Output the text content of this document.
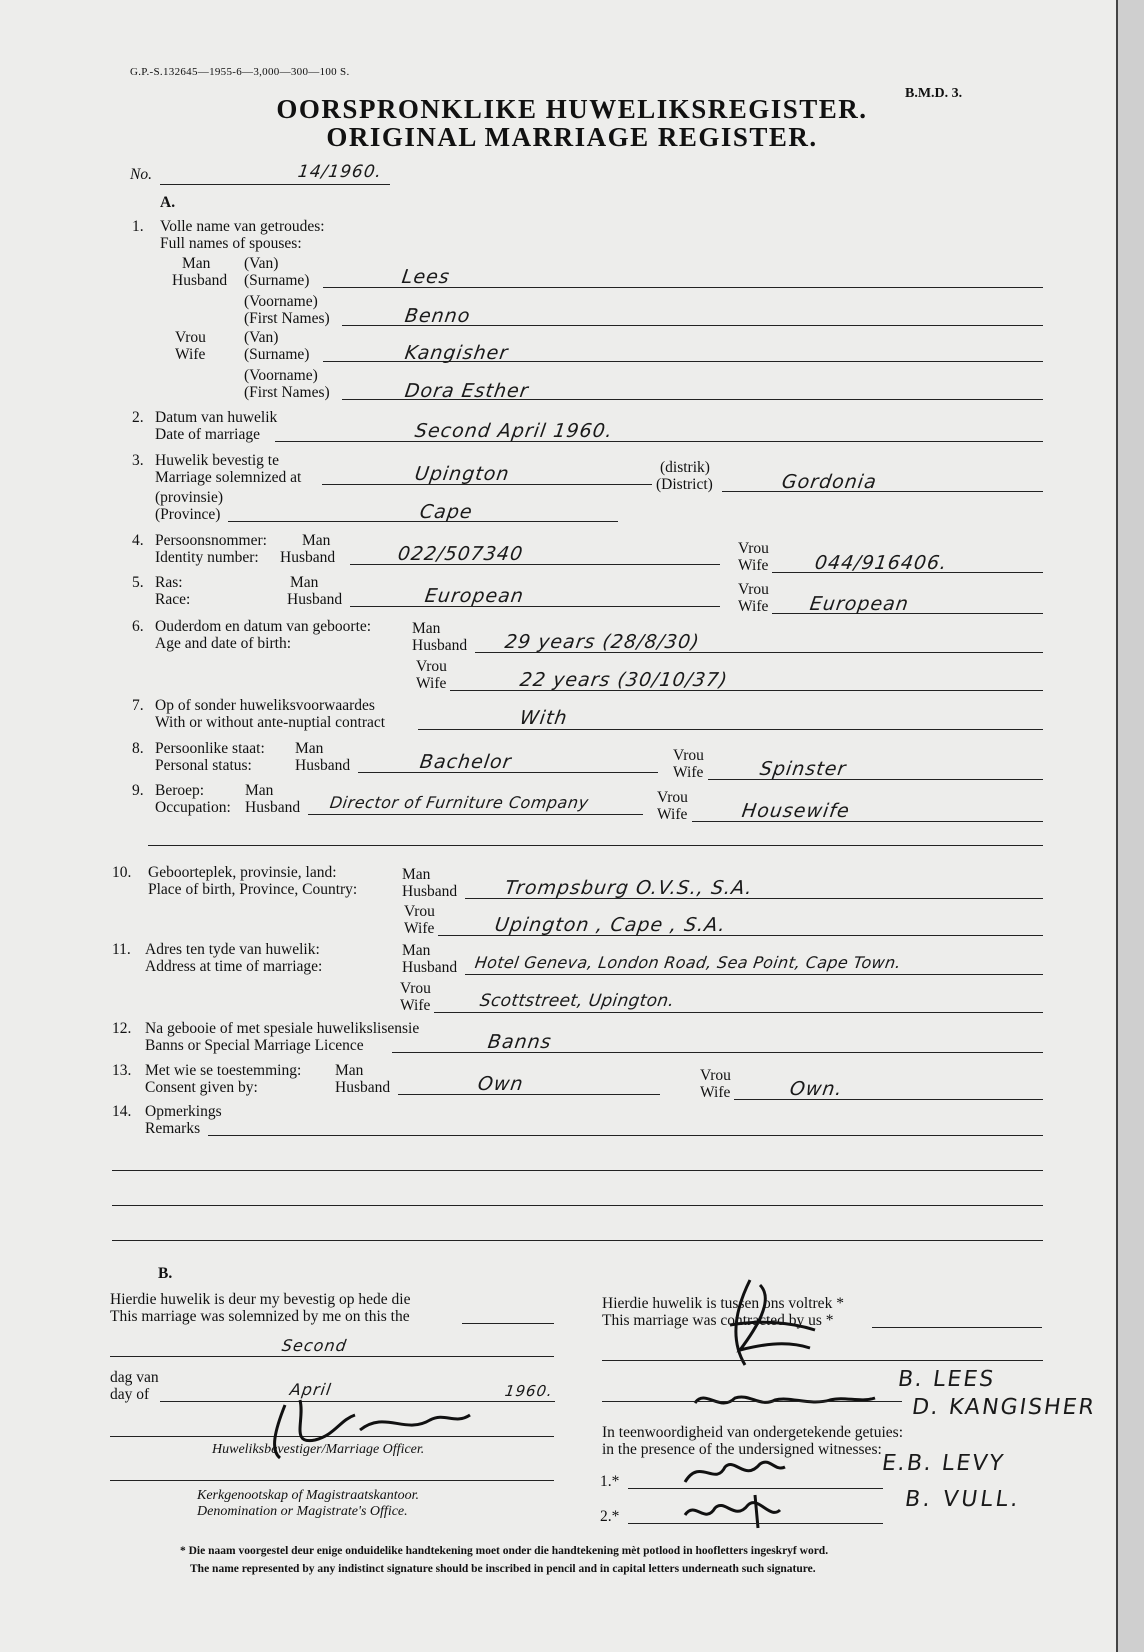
G.P.-S.132645—1955-6—3,000—300—100 S.
B.M.D. 3.
OORSPRONKLIKE HUWELIKSREGISTER.
ORIGINAL MARRIAGE REGISTER.
No.	14/1960.
A.
1. Volle name van getroudes:
Full names of spouses:
Man (Van)
Husband (Surname)	Lees
(Voorname)
(First Names)	Benno
Vrou (Van)
Wife (Surname)	Kangisher
(Voorname)
(First Names)	Dora Esther
2. Datum van huwelik
Date of marriage	Second April 1960.
3. Huwelik bevestig te
Marriage solemnized at	Upington	(distrik)
(District)	Gordonia
(provinsie)
(Province)	Cape
4. Persoonsnommer:
Identity number:
Man
Husband	022/507340	Vrou
Wife 044/916406.
5. Ras:
Race:
Man
Husband	European	Vrou
Wife European
6. Ouderdom en datum van geboorte:
Age and date of birth:
Man
Husband 29 years (28/8/30)
Vrou
Wife	22 years (30/10/37)
7. Op of sonder huweliksvoorwaardes
With or without ante-nuptial contract	With
8. Persoonlike staat:
Personal status:
Man
Husband	Bachelor	Vrou
Wife	Spinster
9. Beroep:
Occupation:
Man
Husband Director of Furniture Company	Vrou
Wife	Housewife
10. Geboorteplek, provinsie, land:
Place of birth, Province, Country:
Man
Husband Trompsburg O.V.S., S.A.
Vrou
Wife	Upington , Cape , S.A.
11. Adres ten tyde van huwelik:
Address at time of marriage:
Man
Husband Hotel Geneva, London Road, Sea Point, Cape Town.
Vrou
Wife	Scottstreet, Upington.
12. Na gebooie of met spesiale huwelikslisensie
Banns or Special Marriage Licence	Banns
13. Met wie se toestemming:
Consent given by:
Man
Husband	Own	Vrou
Wife	Own.
14. Opmerkings
Remarks
B.
Hierdie huwelik is deur my bevestig op hede die
This marriage was solemnized by me on this the
Second
dag van
day of	April	1960.
Huweliksbevestiger/Marriage Officer.
Kerkgenootskap of Magistraatskantoor.
Denomination or Magistrate's Office.
Hierdie huwelik is tussen ons voltrek *
This marriage was contracted by us *
B. LEES
D. KANGISHER
In teenwoordigheid van ondergetekende getuies:
in the presence of the undersigned witnesses:
1.*
E.B. LEVY
2.*
B. VULL.
* Die naam voorgestel deur enige onduidelike handtekening moet onder die handtekening mèt potlood in hoofletters ingeskryf word.
The name represented by any indistinct signature should be inscribed in pencil and in capital letters underneath such signature.
